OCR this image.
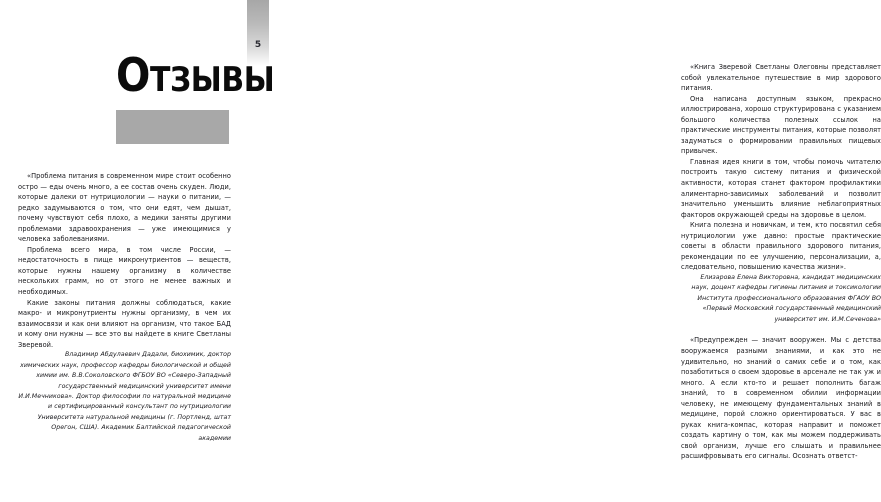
5
ОТЗЫВЫ

«Проблема питания в современном мире стоит особенно остро — еды очень много, а ее состав очень скуден. Люди, которые далеки от нутрициологии — науки о питании, — редко задумываются о том, что они едят, чем дышат, почему чувствуют себя плохо, а медики заняты другими проблемами здравоохранения — уже имеющимися у человека заболеваниями.

Проблема всего мира, в том числе России, — недостаточность в пище микронутриентов — веществ, которые нужны нашему организму в количестве нескольких грамм, но от этого не менее важных и необходимых.

Какие законы питания должны соблюдаться, какие макро- и микронутриенты нужны организму, в чем их взаимосвязи и как они влияют на организм, что такое БАД и кому они нужны — все это вы найдете в книге Светланы Зверевой.

Владимир Абдулаевич Дадали, биохимик, доктор химических наук, профессор кафедры биологической и общей химии им. В.В.Соколовского ФГБОУ ВО «Северо-Западный государственный медицинский университет имени И.И.Мечникова». Доктор философии по натуральной медицине и сертифицированный консультант по нутрициологии Университета натуральной медицины (г. Портленд, штат Орегон, США). Академик Балтийской педагогической академии

«Книга Зверевой Светланы Олеговны представляет собой увлекательное путешествие в мир здорового питания.

Она написана доступным языком, прекрасно иллюстрирована, хорошо структурирована с указанием большого количества полезных ссылок на практические инструменты питания, которые позволят задуматься о формировании правильных пищевых привычек.

Главная идея книги в том, чтобы помочь читателю построить такую систему питания и физической активности, которая станет фактором профилактики алиментарно-зависимых заболеваний и позволит значительно уменьшить влияние неблагоприятных факторов окружающей среды на здоровье в целом.

Книга полезна и новичкам, и тем, кто посвятил себя нутрициологии уже давно: простые практические советы в области правильного здорового питания, рекомендации по ее улучшению, персонализации, а, следовательно, повышению качества жизни».

Елизарова Елена Викторовна, кандидат медицинских наук, доцент кафедры гигиены питания и токсикологии Института профессионального образования ФГАОУ ВО «Первый Московский государственный медицинский университет им. И.М.Сеченова»

«Предупрежден — значит вооружен. Мы с детства вооружаемся разными знаниями, и как это не удивительно, но знаний о самих себе и о том, как позаботиться о своем здоровье в арсенале не так уж и много. А если кто-то и решает пополнить багаж знаний, то в современном обилии информации человеку, не имеющему фундаментальных знаний в медицине, порой сложно ориентироваться. У вас в руках книга-компас, которая направит и поможет создать картину о том, как мы можем поддерживать свой организм, лучше его слышать и правильнее расшифровывать его сигналы. Осознать ответст-
